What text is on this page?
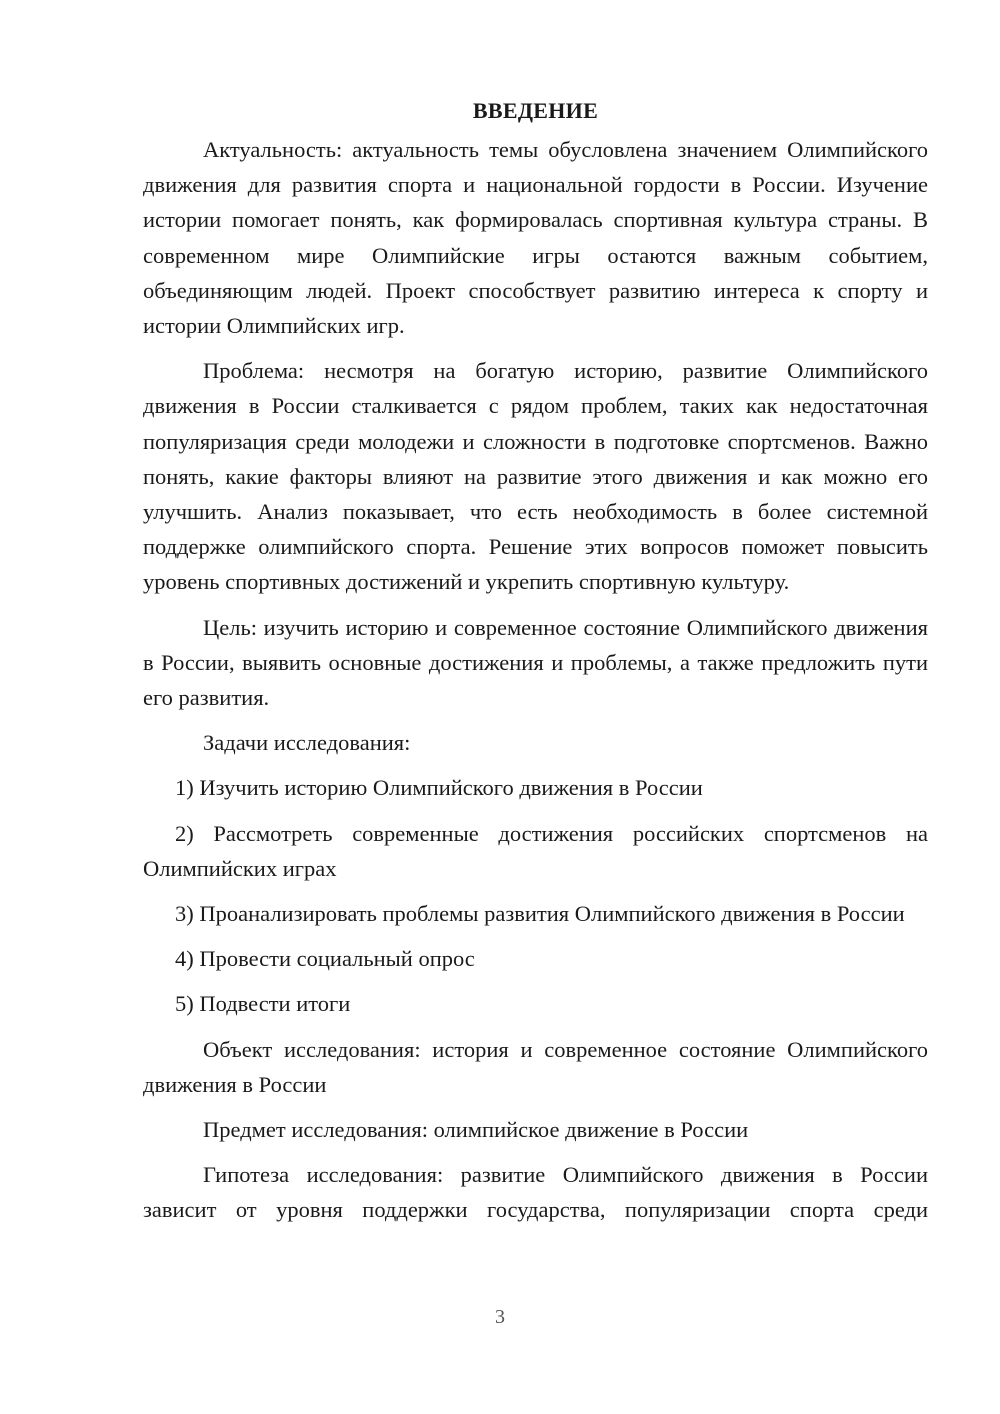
ВВЕДЕНИЕ

Актуальность: актуальность темы обусловлена значением Олимпийского движения для развития спорта и национальной гордости в России. Изучение истории помогает понять, как формировалась спортивная культура страны. В современном мире Олимпийские игры остаются важным событием, объединяющим людей. Проект способствует развитию интереса к спорту и истории Олимпийских игр.

Проблема: несмотря на богатую историю, развитие Олимпийского движения в России сталкивается с рядом проблем, таких как недостаточная популяризация среди молодежи и сложности в подготовке спортсменов. Важно понять, какие факторы влияют на развитие этого движения и как можно его улучшить. Анализ показывает, что есть необходимость в более системной поддержке олимпийского спорта. Решение этих вопросов поможет повысить уровень спортивных достижений и укрепить спортивную культуру.

Цель: изучить историю и современное состояние Олимпийского движения в России, выявить основные достижения и проблемы, а также предложить пути его развития.

Задачи исследования:

1) Изучить историю Олимпийского движения в России

2) Рассмотреть современные достижения российских спортсменов на Олимпийских играх

3) Проанализировать проблемы развития Олимпийского движения в России

4) Провести социальный опрос

5) Подвести итоги

Объект исследования: история и современное состояние Олимпийского движения в России

Предмет исследования: олимпийское движение в России

Гипотеза исследования: развитие Олимпийского движения в России зависит от уровня поддержки государства, популяризации спорта среди

3
